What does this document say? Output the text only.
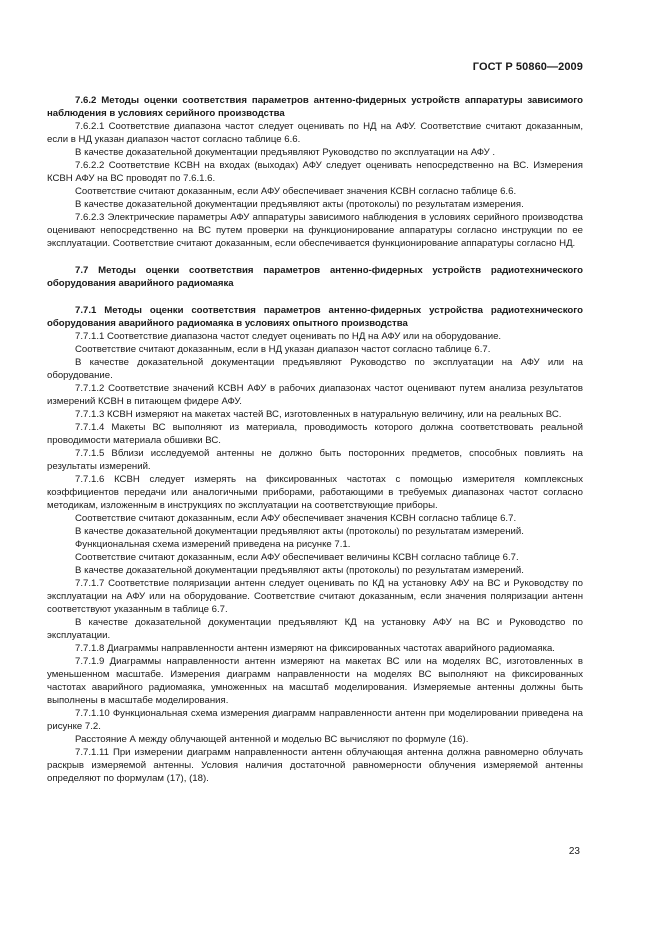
ГОСТ Р 50860—2009

7.6.2 Методы оценки соответствия параметров антенно-фидерных устройств аппаратуры зависимого наблюдения в условиях серийного производства

7.6.2.1 Соответствие диапазона частот следует оценивать по НД на АФУ. Соответствие считают доказанным, если в НД указан диапазон частот согласно таблице 6.6.

В качестве доказательной документации предъявляют Руководство по эксплуатации на АФУ .

7.6.2.2 Соответствие КСВН на входах (выходах) АФУ следует оценивать непосредственно на ВС. Измерения КСВН АФУ на ВС проводят по 7.6.1.6.

Соответствие считают доказанным, если АФУ обеспечивает значения КСВН согласно таблице 6.6.

В качестве доказательной документации предъявляют акты (протоколы) по результатам измерения.

7.6.2.3 Электрические параметры АФУ аппаратуры зависимого наблюдения в условиях серийного производства оценивают непосредственно на ВС путем проверки на функционирование аппаратуры согласно инструкции по ее эксплуатации. Соответствие считают доказанным, если обеспечивается функционирование аппаратуры согласно НД.

7.7 Методы оценки соответствия параметров антенно-фидерных устройств радиотехнического оборудования аварийного радиомаяка

7.7.1 Методы оценки соответствия параметров антенно-фидерных устройства радиотехнического оборудования аварийного радиомаяка в условиях опытного производства

7.7.1.1 Соответствие диапазона частот следует оценивать по НД на АФУ или на оборудование.

Соответствие считают доказанным, если в НД указан диапазон частот согласно таблице 6.7.

В качестве доказательной документации предъявляют Руководство по эксплуатации на АФУ или на оборудование.

7.7.1.2 Соответствие значений КСВН АФУ в рабочих диапазонах частот оценивают путем анализа результатов измерений КСВН в питающем фидере АФУ.

7.7.1.3 КСВН измеряют на макетах частей ВС, изготовленных в натуральную величину, или на реальных ВС.

7.7.1.4 Макеты ВС выполняют из материала, проводимость которого должна соответствовать реальной проводимости материала обшивки ВС.

7.7.1.5 Вблизи исследуемой антенны не должно быть посторонних предметов, способных повлиять на результаты измерений.

7.7.1.6 КСВН следует измерять на фиксированных частотах с помощью измерителя комплексных коэффициентов передачи или аналогичными приборами, работающими в требуемых диапазонах частот согласно методикам, изложенным в инструкциях по эксплуатации на соответствующие приборы.

Соответствие считают доказанным, если АФУ обеспечивает значения КСВН согласно таблице 6.7.

В качестве доказательной документации предъявляют акты (протоколы) по результатам измерений.

Функциональная схема измерений приведена на рисунке 7.1.

Соответствие считают доказанным, если АФУ обеспечивает величины КСВН согласно таблице 6.7.

В качестве доказательной документации предъявляют акты (протоколы) по результатам измерений.

7.7.1.7 Соответствие поляризации антенн следует оценивать по КД на установку АФУ на ВС и Руководству по эксплуатации на АФУ или на оборудование. Соответствие считают доказанным, если значения поляризации антенн соответствуют указанным в таблице 6.7.

В качестве доказательной документации предъявляют КД на установку АФУ на ВС и Руководство по эксплуатации.

7.7.1.8 Диаграммы направленности антенн измеряют на фиксированных частотах аварийного радиомаяка.

7.7.1.9 Диаграммы направленности антенн измеряют на макетах ВС или на моделях ВС, изготовленных в уменьшенном масштабе. Измерения диаграмм направленности на моделях ВС выполняют на фиксированных частотах аварийного радиомаяка, умноженных на масштаб моделирования. Измеряемые антенны должны быть выполнены в масштабе моделирования.

7.7.1.10 Функциональная схема измерения диаграмм направленности антенн при моделировании приведена на рисунке 7.2.

Расстояние А между облучающей антенной и моделью ВС вычисляют по формуле (16).

7.7.1.11 При измерении диаграмм направленности антенн облучающая антенна должна равномерно облучать раскрыв измеряемой антенны. Условия наличия достаточной равномерности облучения измеряемой антенны определяют по формулам (17), (18).

23
